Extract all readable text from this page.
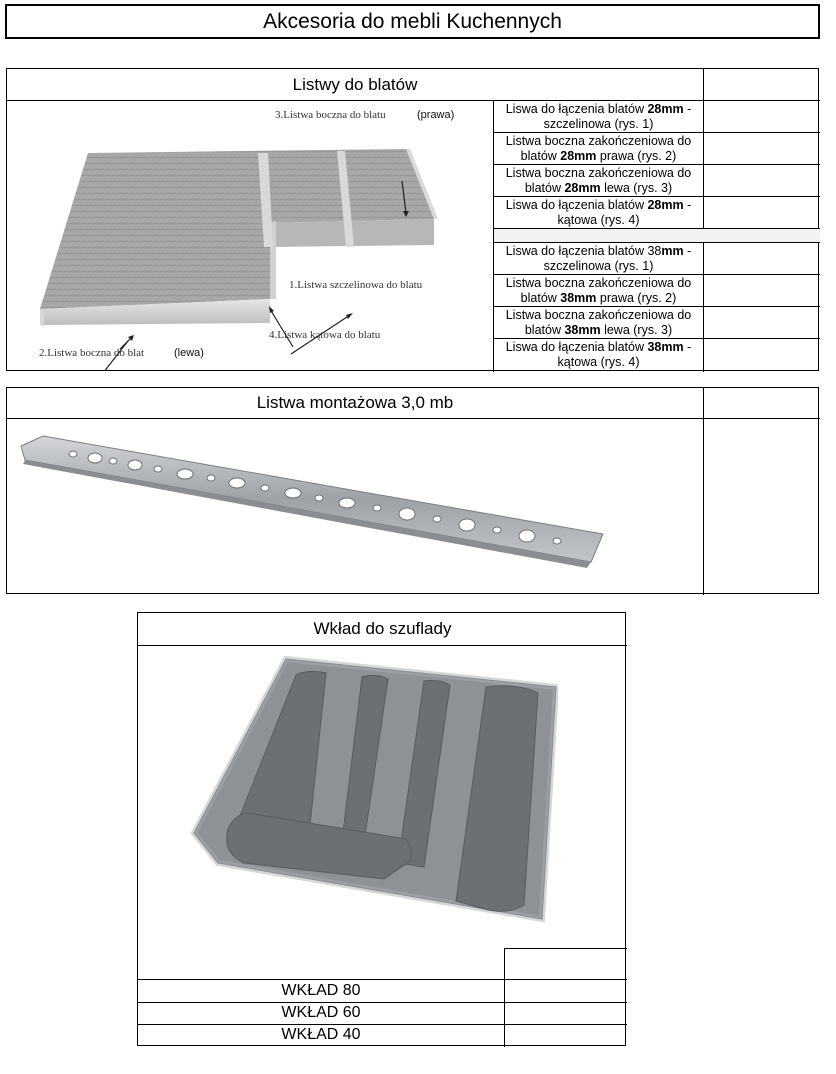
Akcesoria do mebli Kuchennych
Listwy do blatów
3.Listwa boczna do blatu	(prawa)
1.Listwa szczelinowa do blatu
4.Listwa kątowa do blatu
2.Listwa boczna do blat	(lewa)
Liswa do łączenia blatów 28mm - szczelinowa (rys. 1)
Listwa boczna zakończeniowa do blatów 28mm prawa (rys. 2)
Listwa boczna zakończeniowa do blatów 28mm lewa (rys. 3)
Liswa do łączenia blatów 28mm - kątowa (rys. 4)
Liswa do łączenia blatów 38mm - szczelinowa (rys. 1)
Listwa boczna zakończeniowa do blatów 38mm prawa (rys. 2)
Listwa boczna zakończeniowa do blatów 38mm lewa (rys. 3)
Liswa do łączenia blatów 38mm - kątowa (rys. 4)
Listwa montażowa 3,0 mb
Wkład do szuflady
WKŁAD 80
WKŁAD 60
WKŁAD 40
